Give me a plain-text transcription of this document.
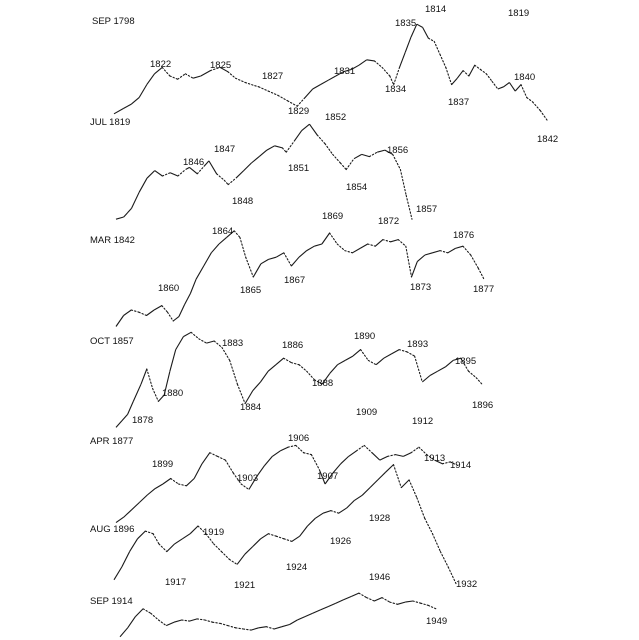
SEP 1798
1814	1819
JUL 1819
1822	1825
1827
1829
1831
1834
1835
1837
1840
1842
MAR 1842
1846
1847
1848
1851
1852
1854
1856
1857
OCT 1857
1860
1864
1865
1867
1869	1872
1873
1876
1877
APR 1877
1878
1880
1883
1884
1886
1888
1890
1893
1895
1896
AUG 1896
1899
1903
1906
1907
1909
1912
1913
1914
SEP 1914
1917
1919
1921
1924
1926
1928
1932
1946
1949
